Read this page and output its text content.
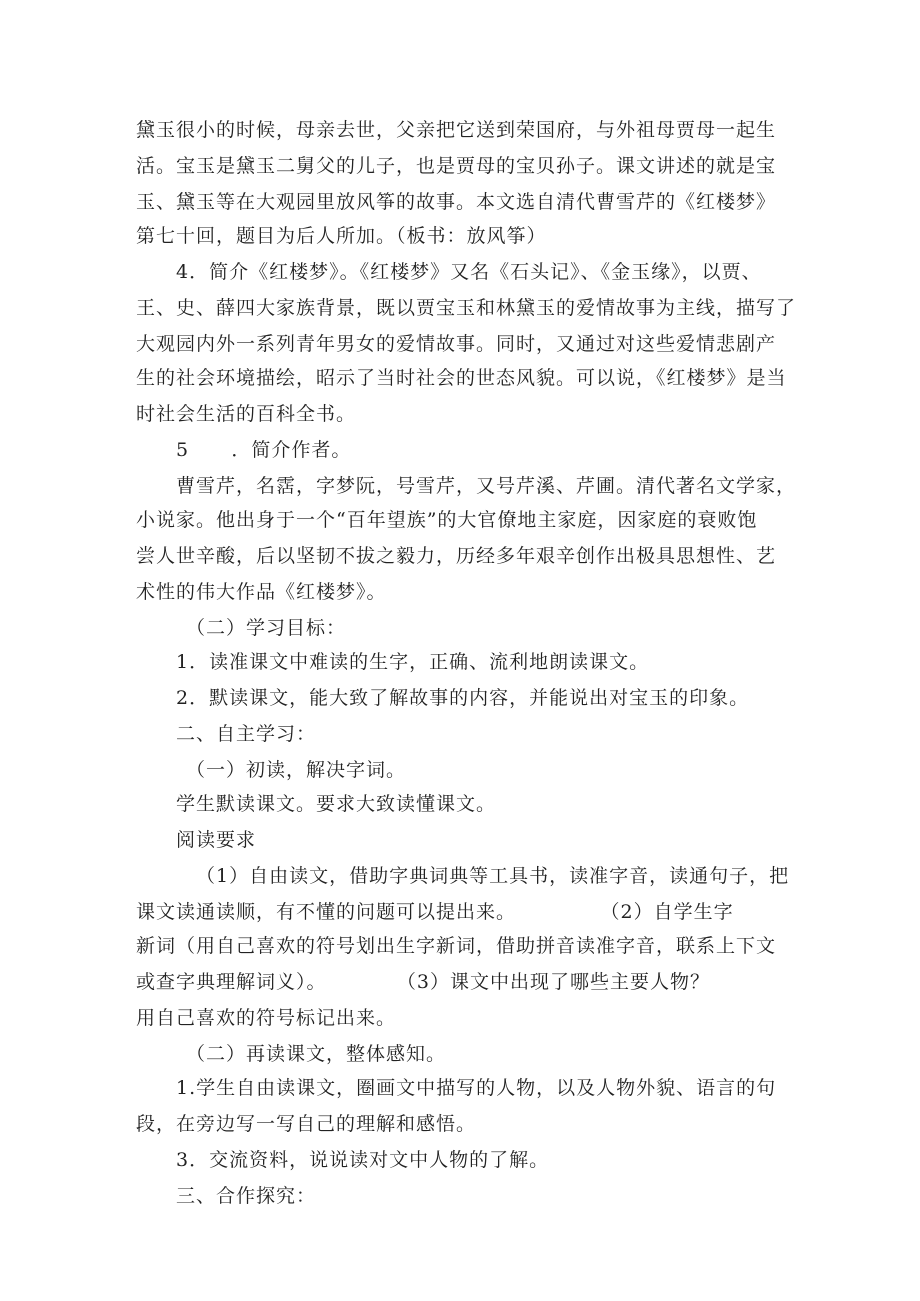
黛玉很小的时候，母亲去世，父亲把它送到荣国府，与外祖母贾母一起生
活。宝玉是黛玉二舅父的儿子，也是贾母的宝贝孙子。课文讲述的就是宝
玉、黛玉等在大观园里放风筝的故事。本文选自清代曹雪芹的《红楼梦》
第七十回，题目为后人所加。（板书：放风筝）
4．简介《红楼梦》。《红楼梦》又名《石头记》、《金玉缘》，以贾、
王、史、薛四大家族背景，既以贾宝玉和林黛玉的爱情故事为主线，描写了
大观园内外一系列青年男女的爱情故事。同时，又通过对这些爱情悲剧产
生的社会环境描绘，昭示了当时社会的世态风貌。可以说，《红楼梦》是当
时社会生活的百科全书。
5      ．简介作者。
曹雪芹，名霑，字梦阮，号雪芹，又号芹溪、芹圃。清代著名文学家，
小说家。他出身于一个“百年望族”的大官僚地主家庭，因家庭的衰败饱
尝人世辛酸，后以坚韧不拔之毅力，历经多年艰辛创作出极具思想性、艺
术性的伟大作品《红楼梦》。
（二）学习目标：
1．读准课文中难读的生字，正确、流利地朗读课文。
2．默读课文，能大致了解故事的内容，并能说出对宝玉的印象。
二、自主学习：
（一）初读，解决字词。
学生默读课文。要求大致读懂课文。
阅读要求
（1）自由读文，借助字典词典等工具书，读准字音，读通句子，把
课文读通读顺，有不懂的问题可以提出来。            （2）自学生字
新词（用自己喜欢的符号划出生字新词，借助拼音读准字音，联系上下文
或查字典理解词义）。          （3）课文中出现了哪些主要人物？
用自己喜欢的符号标记出来。
（二）再读课文，整体感知。
1.学生自由读课文，圈画文中描写的人物，以及人物外貌、语言的句
段，在旁边写一写自己的理解和感悟。
3．交流资料，说说读对文中人物的了解。
三、合作探究：
